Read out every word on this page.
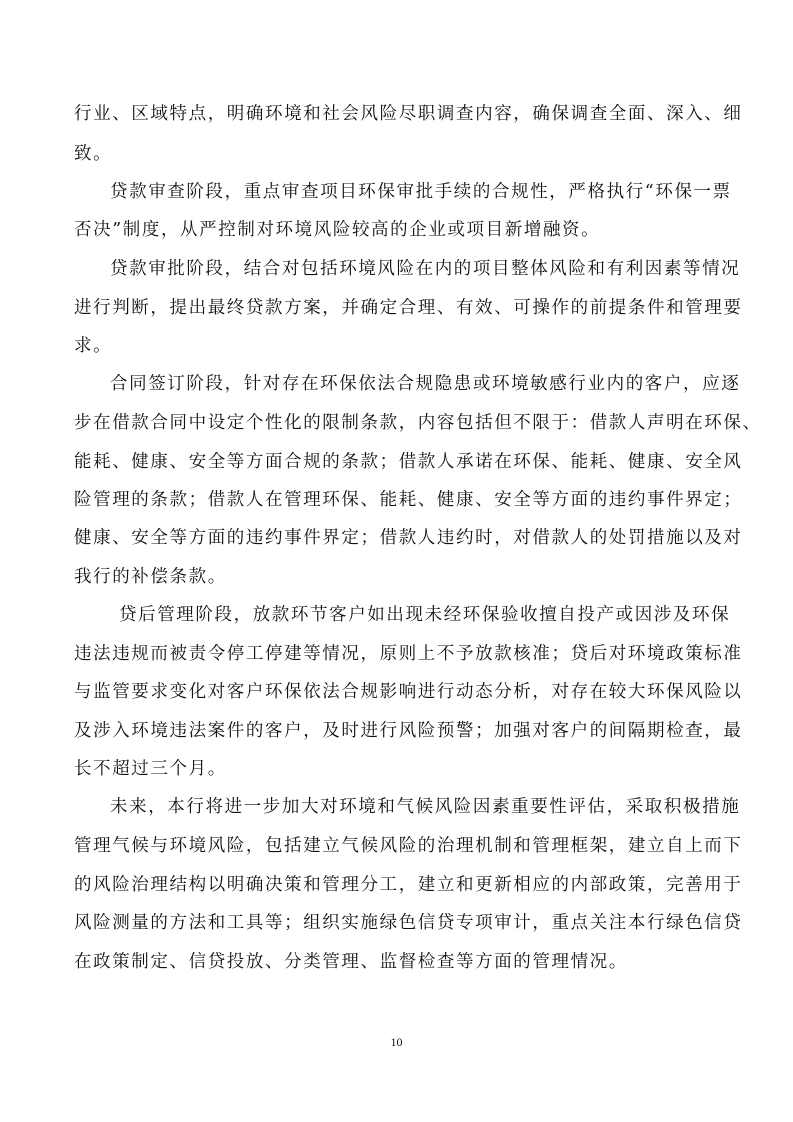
行业、区域特点，明确环境和社会风险尽职调查内容，确保调查全面、深入、细
致。
贷款审查阶段，重点审查项目环保审批手续的合规性，严格执行“环保一票
否决”制度，从严控制对环境风险较高的企业或项目新增融资。
贷款审批阶段，结合对包括环境风险在内的项目整体风险和有利因素等情况
进行判断，提出最终贷款方案，并确定合理、有效、可操作的前提条件和管理要
求。
合同签订阶段，针对存在环保依法合规隐患或环境敏感行业内的客户，应逐
步在借款合同中设定个性化的限制条款，内容包括但不限于：借款人声明在环保、
能耗、健康、安全等方面合规的条款；借款人承诺在环保、能耗、健康、安全风
险管理的条款；借款人在管理环保、能耗、健康、安全等方面的违约事件界定；
健康、安全等方面的违约事件界定；借款人违约时，对借款人的处罚措施以及对
我行的补偿条款。
贷后管理阶段，放款环节客户如出现未经环保验收擅自投产或因涉及环保
违法违规而被责令停工停建等情况，原则上不予放款核准；贷后对环境政策标准
与监管要求变化对客户环保依法合规影响进行动态分析，对存在较大环保风险以
及涉入环境违法案件的客户，及时进行风险预警；加强对客户的间隔期检查，最
长不超过三个月。
未来，本行将进一步加大对环境和气候风险因素重要性评估，采取积极措施
管理气候与环境风险，包括建立气候风险的治理机制和管理框架，建立自上而下
的风险治理结构以明确决策和管理分工，建立和更新相应的内部政策，完善用于
风险测量的方法和工具等；组织实施绿色信贷专项审计，重点关注本行绿色信贷
在政策制定、信贷投放、分类管理、监督检查等方面的管理情况。
10
